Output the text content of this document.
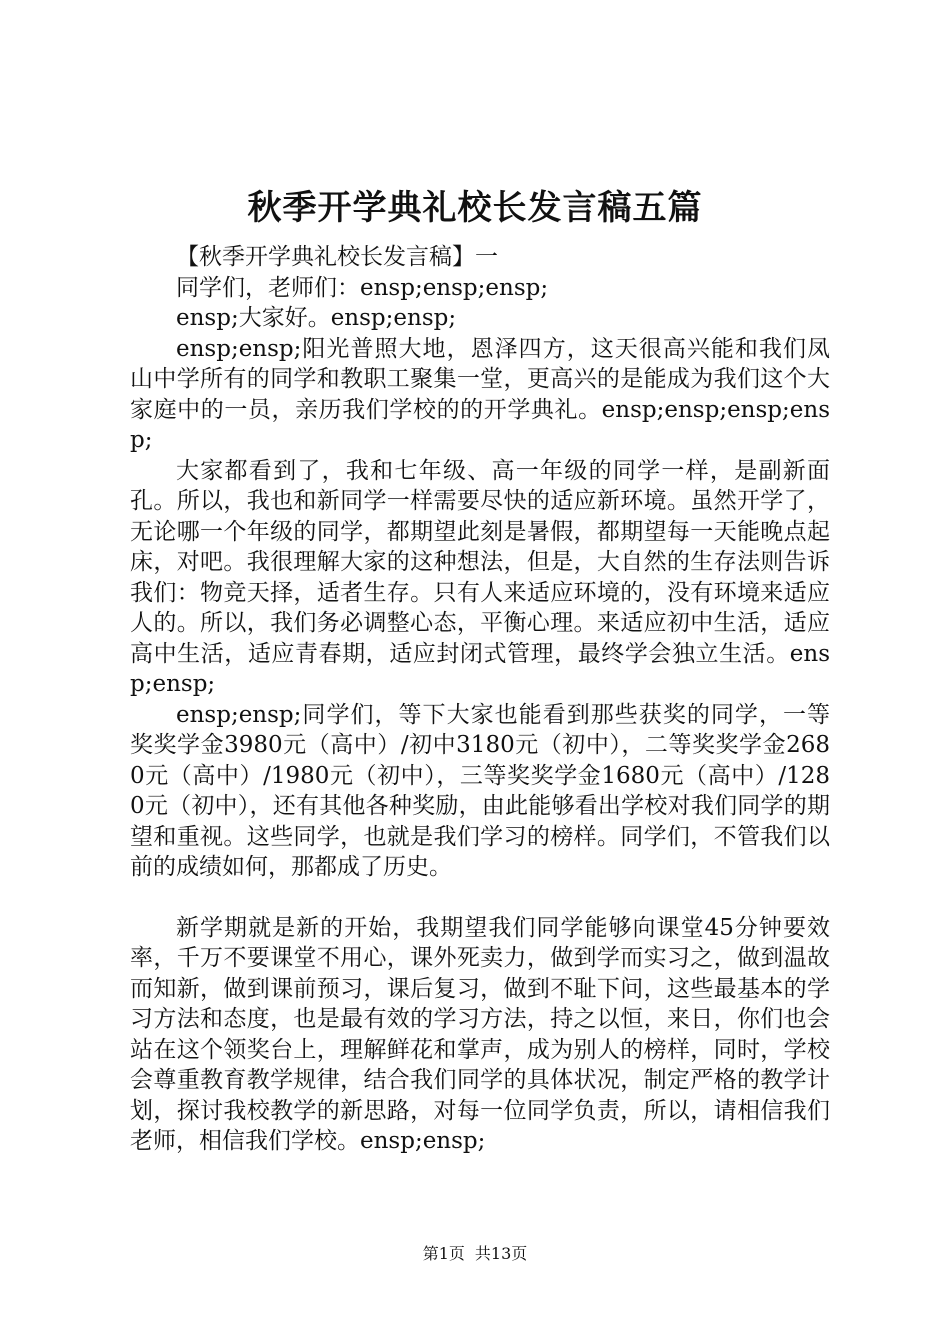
秋季开学典礼校长发言稿五篇

【秋季开学典礼校长发言稿】一

同学们，老师们：ensp;ensp;ensp;

ensp;大家好。ensp;ensp;

ensp;ensp;阳光普照大地，恩泽四方，这天很高兴能和我们凤山中学所有的同学和教职工聚集一堂，更高兴的是能成为我们这个大家庭中的一员，亲历我们学校的的开学典礼。ensp;ensp;ensp;ensp;

大家都看到了，我和七年级、高一年级的同学一样，是副新面孔。所以，我也和新同学一样需要尽快的适应新环境。虽然开学了，无论哪一个年级的同学，都期望此刻是暑假，都期望每一天能晚点起床，对吧。我很理解大家的这种想法，但是，大自然的生存法则告诉我们：物竞天择，适者生存。只有人来适应环境的，没有环境来适应人的。所以，我们务必调整心态，平衡心理。来适应初中生活，适应高中生活，适应青春期，适应封闭式管理，最终学会独立生活。ensp;ensp;

ensp;ensp;同学们，等下大家也能看到那些获奖的同学，一等奖奖学金3980元（高中）/初中3180元（初中），二等奖奖学金2680元（高中）/1980元（初中），三等奖奖学金1680元（高中）/1280元（初中），还有其他各种奖励，由此能够看出学校对我们同学的期望和重视。这些同学，也就是我们学习的榜样。同学们，不管我们以前的成绩如何，那都成了历史。

新学期就是新的开始，我期望我们同学能够向课堂45分钟要效率，千万不要课堂不用心，课外死卖力，做到学而实习之，做到温故而知新，做到课前预习，课后复习，做到不耻下问，这些最基本的学习方法和态度，也是最有效的学习方法，持之以恒，来日，你们也会站在这个领奖台上，理解鲜花和掌声，成为别人的榜样，同时，学校会尊重教育教学规律，结合我们同学的具体状况，制定严格的教学计划，探讨我校教学的新思路，对每一位同学负责，所以，请相信我们老师，相信我们学校。ensp;ensp;

第1页 共13页
